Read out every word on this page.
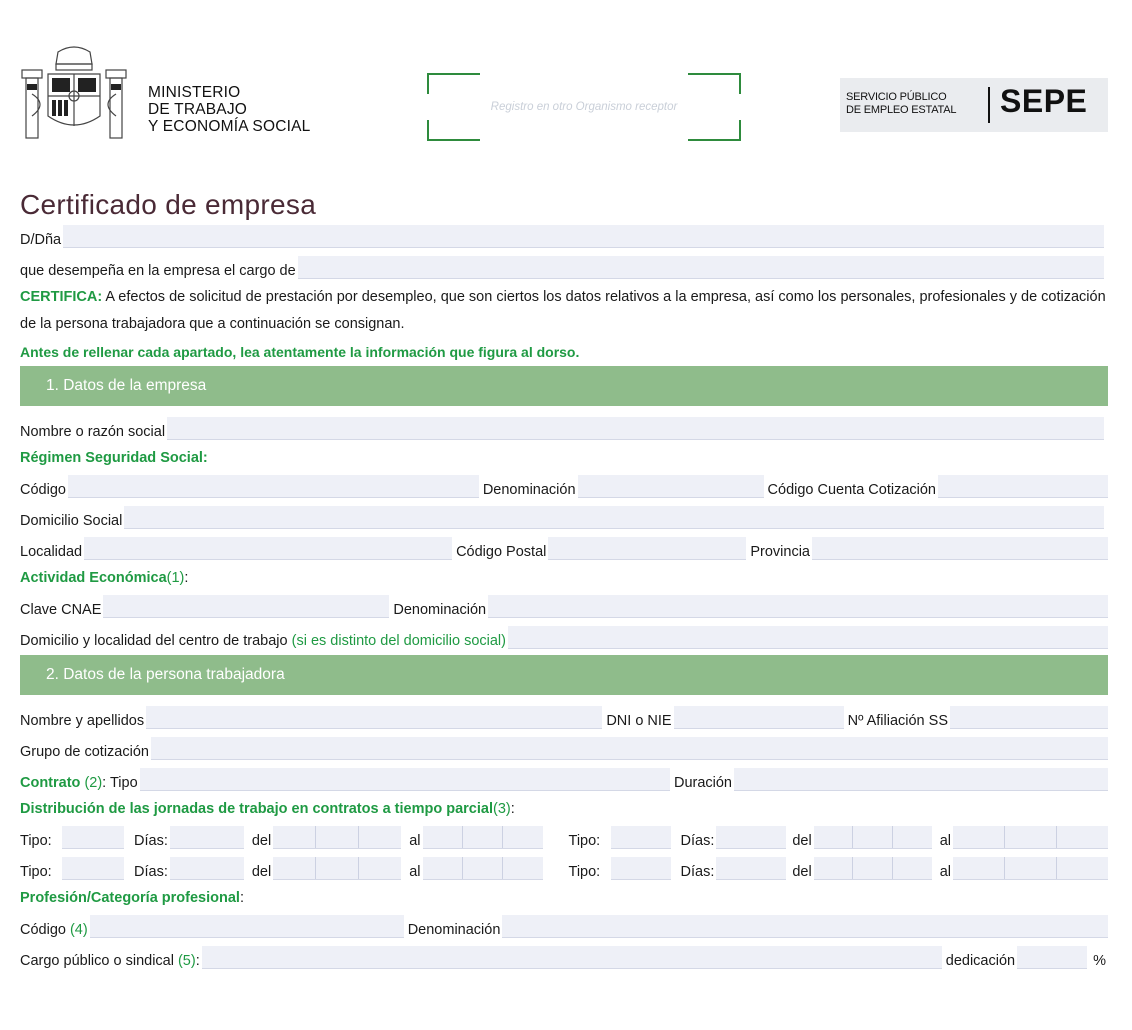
MINISTERIO
DE TRABAJO
Y ECONOMÍA SOCIAL
Registro en otro Organismo receptor
SERVICIO PÚBLICO
DE EMPLEO ESTATAL SEPE
Certificado de empresa
D/Dña
que desempeña en la empresa el cargo de
CERTIFICA: A efectos de solicitud de prestación por desempleo, que son ciertos los datos relativos a la empresa, así como los personales, profesionales y de cotización de la persona trabajadora que a continuación se consignan.
Antes de rellenar cada apartado, lea atentamente la información que figura al dorso.
1. Datos de la empresa
Nombre o razón social
Régimen Seguridad Social:
Código	Denominación	Código Cuenta Cotización
Domicilio Social
Localidad	Código Postal	Provincia
Actividad Económica (1) :
Clave CNAE	Denominación
Domicilio y localidad del centro de trabajo (si es distinto del domicilio social)
2. Datos de la persona trabajadora
Nombre y apellidos	DNI o NIE	Nº Afiliación SS
Grupo de cotización
Contrato (2): Tipo	Duración
Distribución de las jornadas de trabajo en contratos a tiempo parcial (3) :
Tipo:	Días:	del	al	Tipo:	Días:	del	al
Tipo:	Días:	del	al	Tipo:	Días:	del	al
Profesión/Categoría profesional :
Código (4)	Denominación
Cargo público o sindical (5):	dedicación	%
